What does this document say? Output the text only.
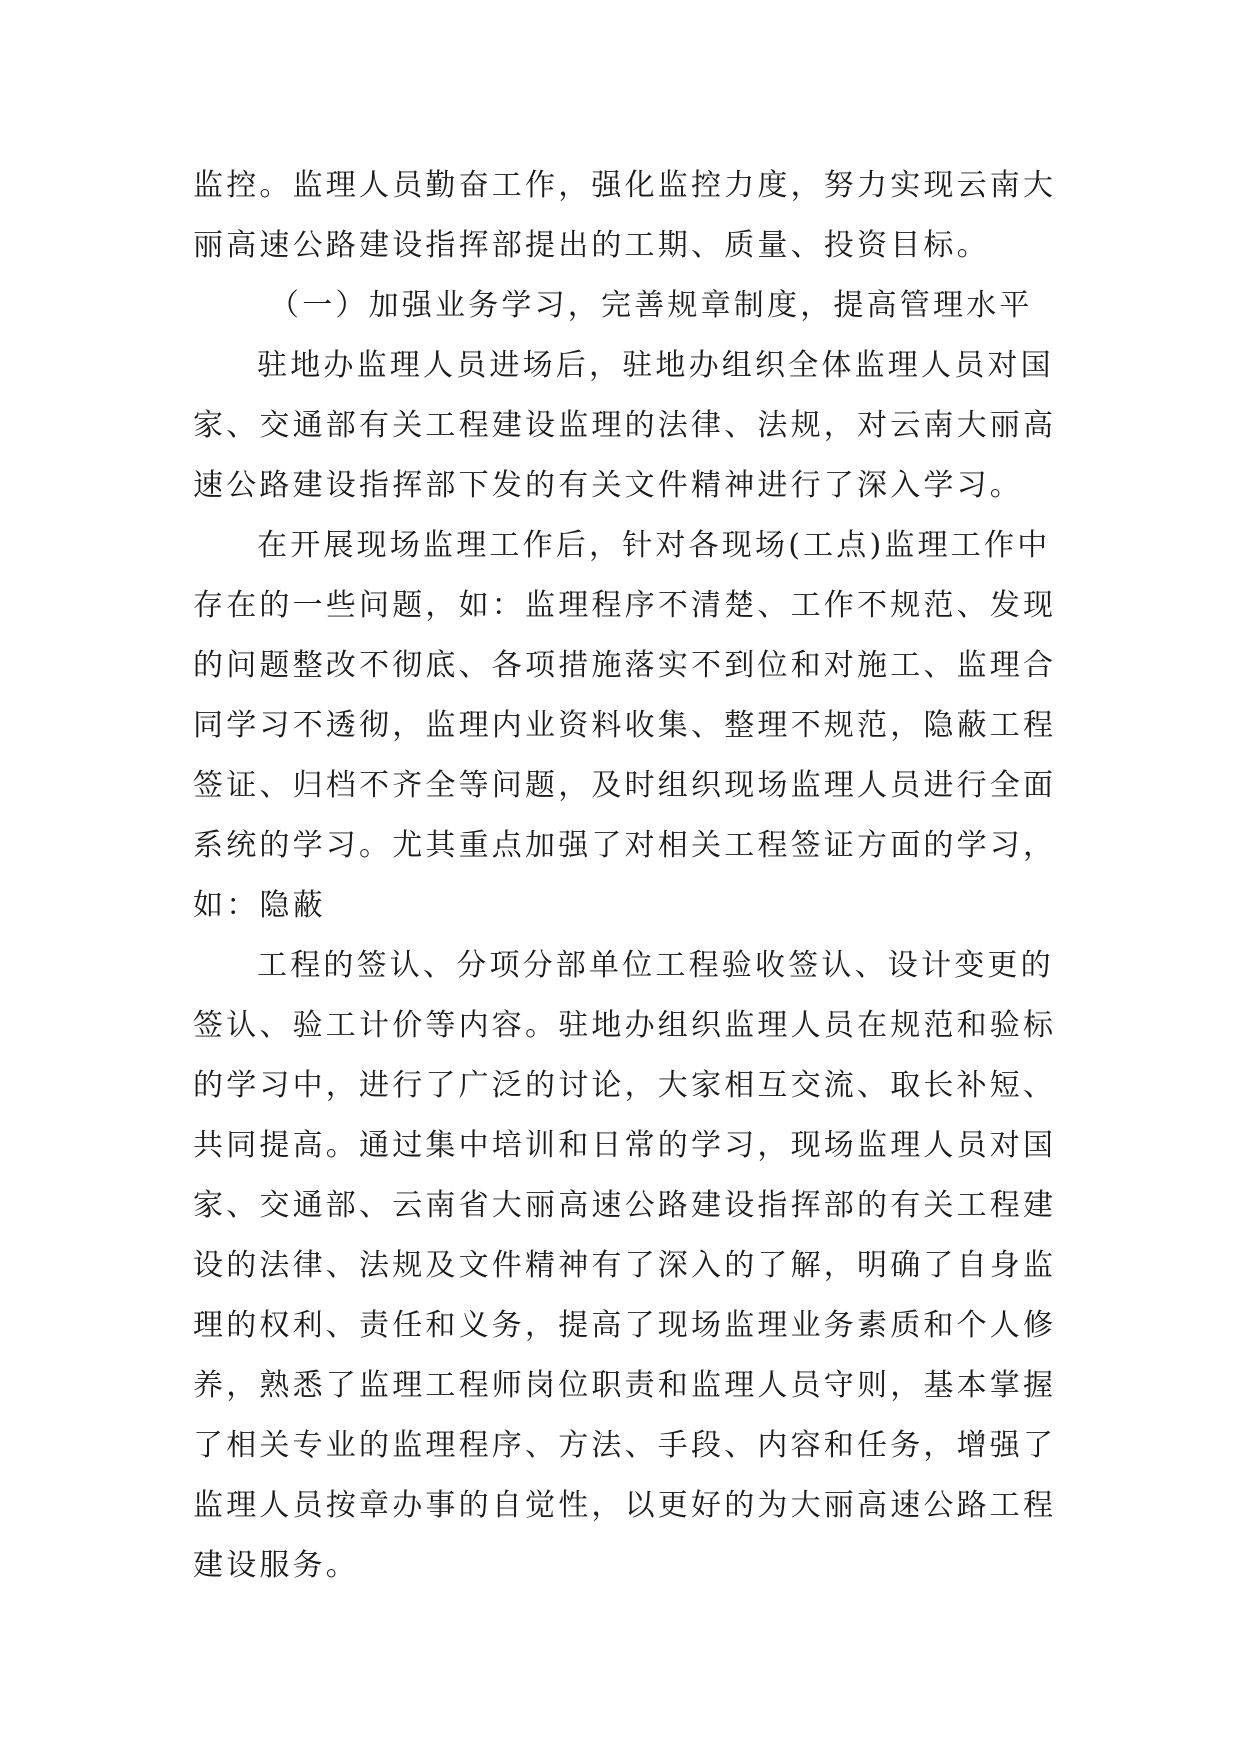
监控。监理人员勤奋工作，强化监控力度，努力实现云南大
丽高速公路建设指挥部提出的工期、质量、投资目标。
（一）加强业务学习，完善规章制度，提高管理水平
驻地办监理人员进场后，驻地办组织全体监理人员对国
家、交通部有关工程建设监理的法律、法规，对云南大丽高
速公路建设指挥部下发的有关文件精神进行了深入学习。
在开展现场监理工作后，针对各现场(工点)监理工作中
存在的一些问题，如：监理程序不清楚、工作不规范、发现
的问题整改不彻底、各项措施落实不到位和对施工、监理合
同学习不透彻，监理内业资料收集、整理不规范，隐蔽工程
签证、归档不齐全等问题，及时组织现场监理人员进行全面
系统的学习。尤其重点加强了对相关工程签证方面的学习，
如：隐蔽
工程的签认、分项分部单位工程验收签认、设计变更的
签认、验工计价等内容。驻地办组织监理人员在规范和验标
的学习中，进行了广泛的讨论，大家相互交流、取长补短、
共同提高。通过集中培训和日常的学习，现场监理人员对国
家、交通部、云南省大丽高速公路建设指挥部的有关工程建
设的法律、法规及文件精神有了深入的了解，明确了自身监
理的权利、责任和义务，提高了现场监理业务素质和个人修
养，熟悉了监理工程师岗位职责和监理人员守则，基本掌握
了相关专业的监理程序、方法、手段、内容和任务，增强了
监理人员按章办事的自觉性，以更好的为大丽高速公路工程
建设服务。
